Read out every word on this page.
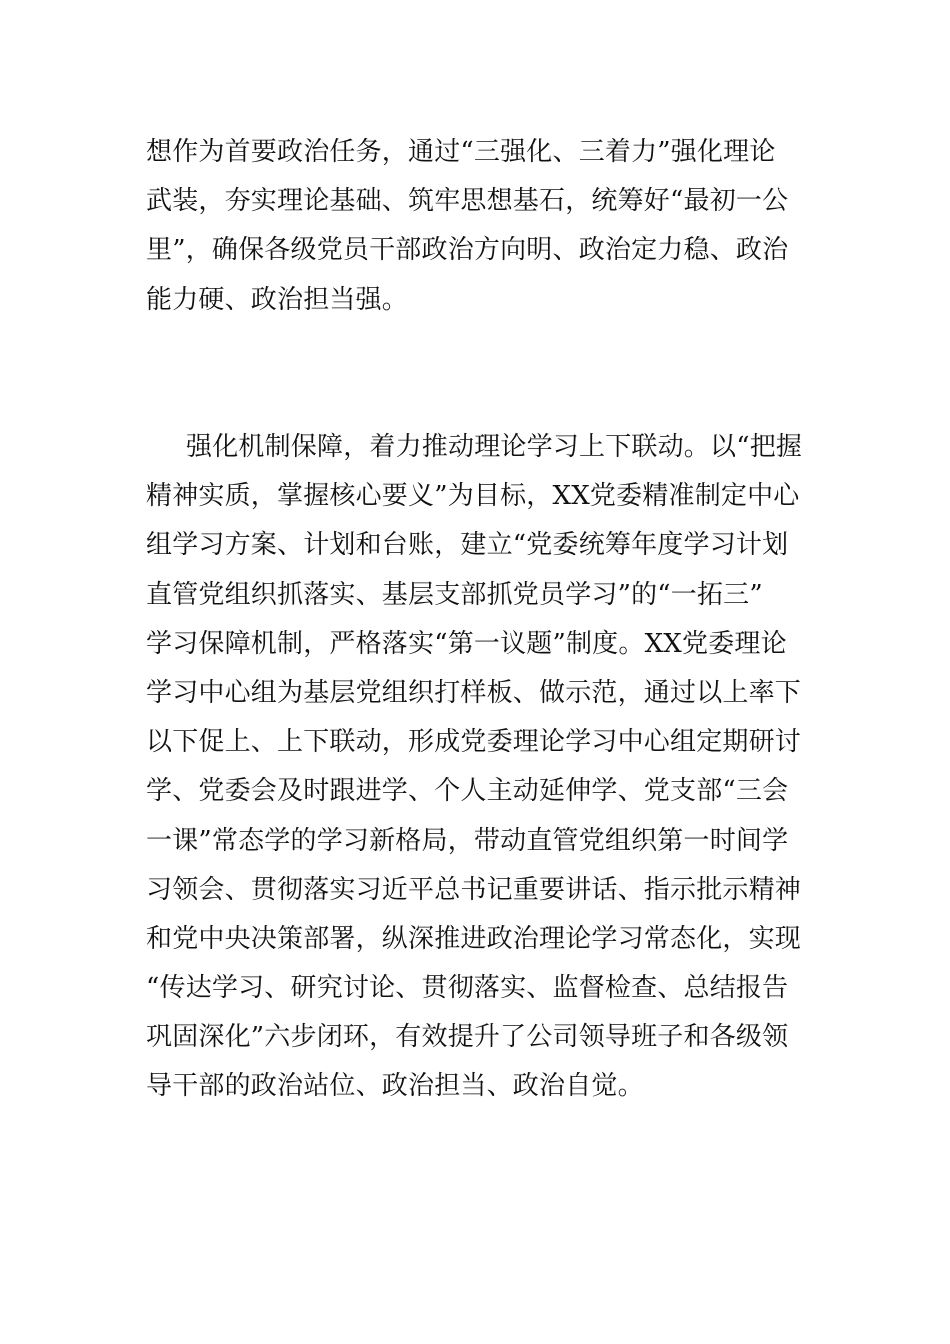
想作为首要政治任务，通过“三强化、三着力”强化理论
武装，夯实理论基础、筑牢思想基石，统筹好“最初一公
里”，确保各级党员干部政治方向明、政治定力稳、政治
能力硬、政治担当强。
强化机制保障，着力推动理论学习上下联动。以“把握
精神实质，掌握核心要义”为目标，XX党委精准制定中心
组学习方案、计划和台账，建立“党委统筹年度学习计划
直管党组织抓落实、基层支部抓党员学习”的“一拓三”
学习保障机制，严格落实“第一议题”制度。XX党委理论
学习中心组为基层党组织打样板、做示范，通过以上率下
以下促上、上下联动，形成党委理论学习中心组定期研讨
学、党委会及时跟进学、个人主动延伸学、党支部“三会
一课”常态学的学习新格局，带动直管党组织第一时间学
习领会、贯彻落实习近平总书记重要讲话、指示批示精神
和党中央决策部署，纵深推进政治理论学习常态化，实现
“传达学习、研究讨论、贯彻落实、监督检查、总结报告
巩固深化”六步闭环，有效提升了公司领导班子和各级领
导干部的政治站位、政治担当、政治自觉。
